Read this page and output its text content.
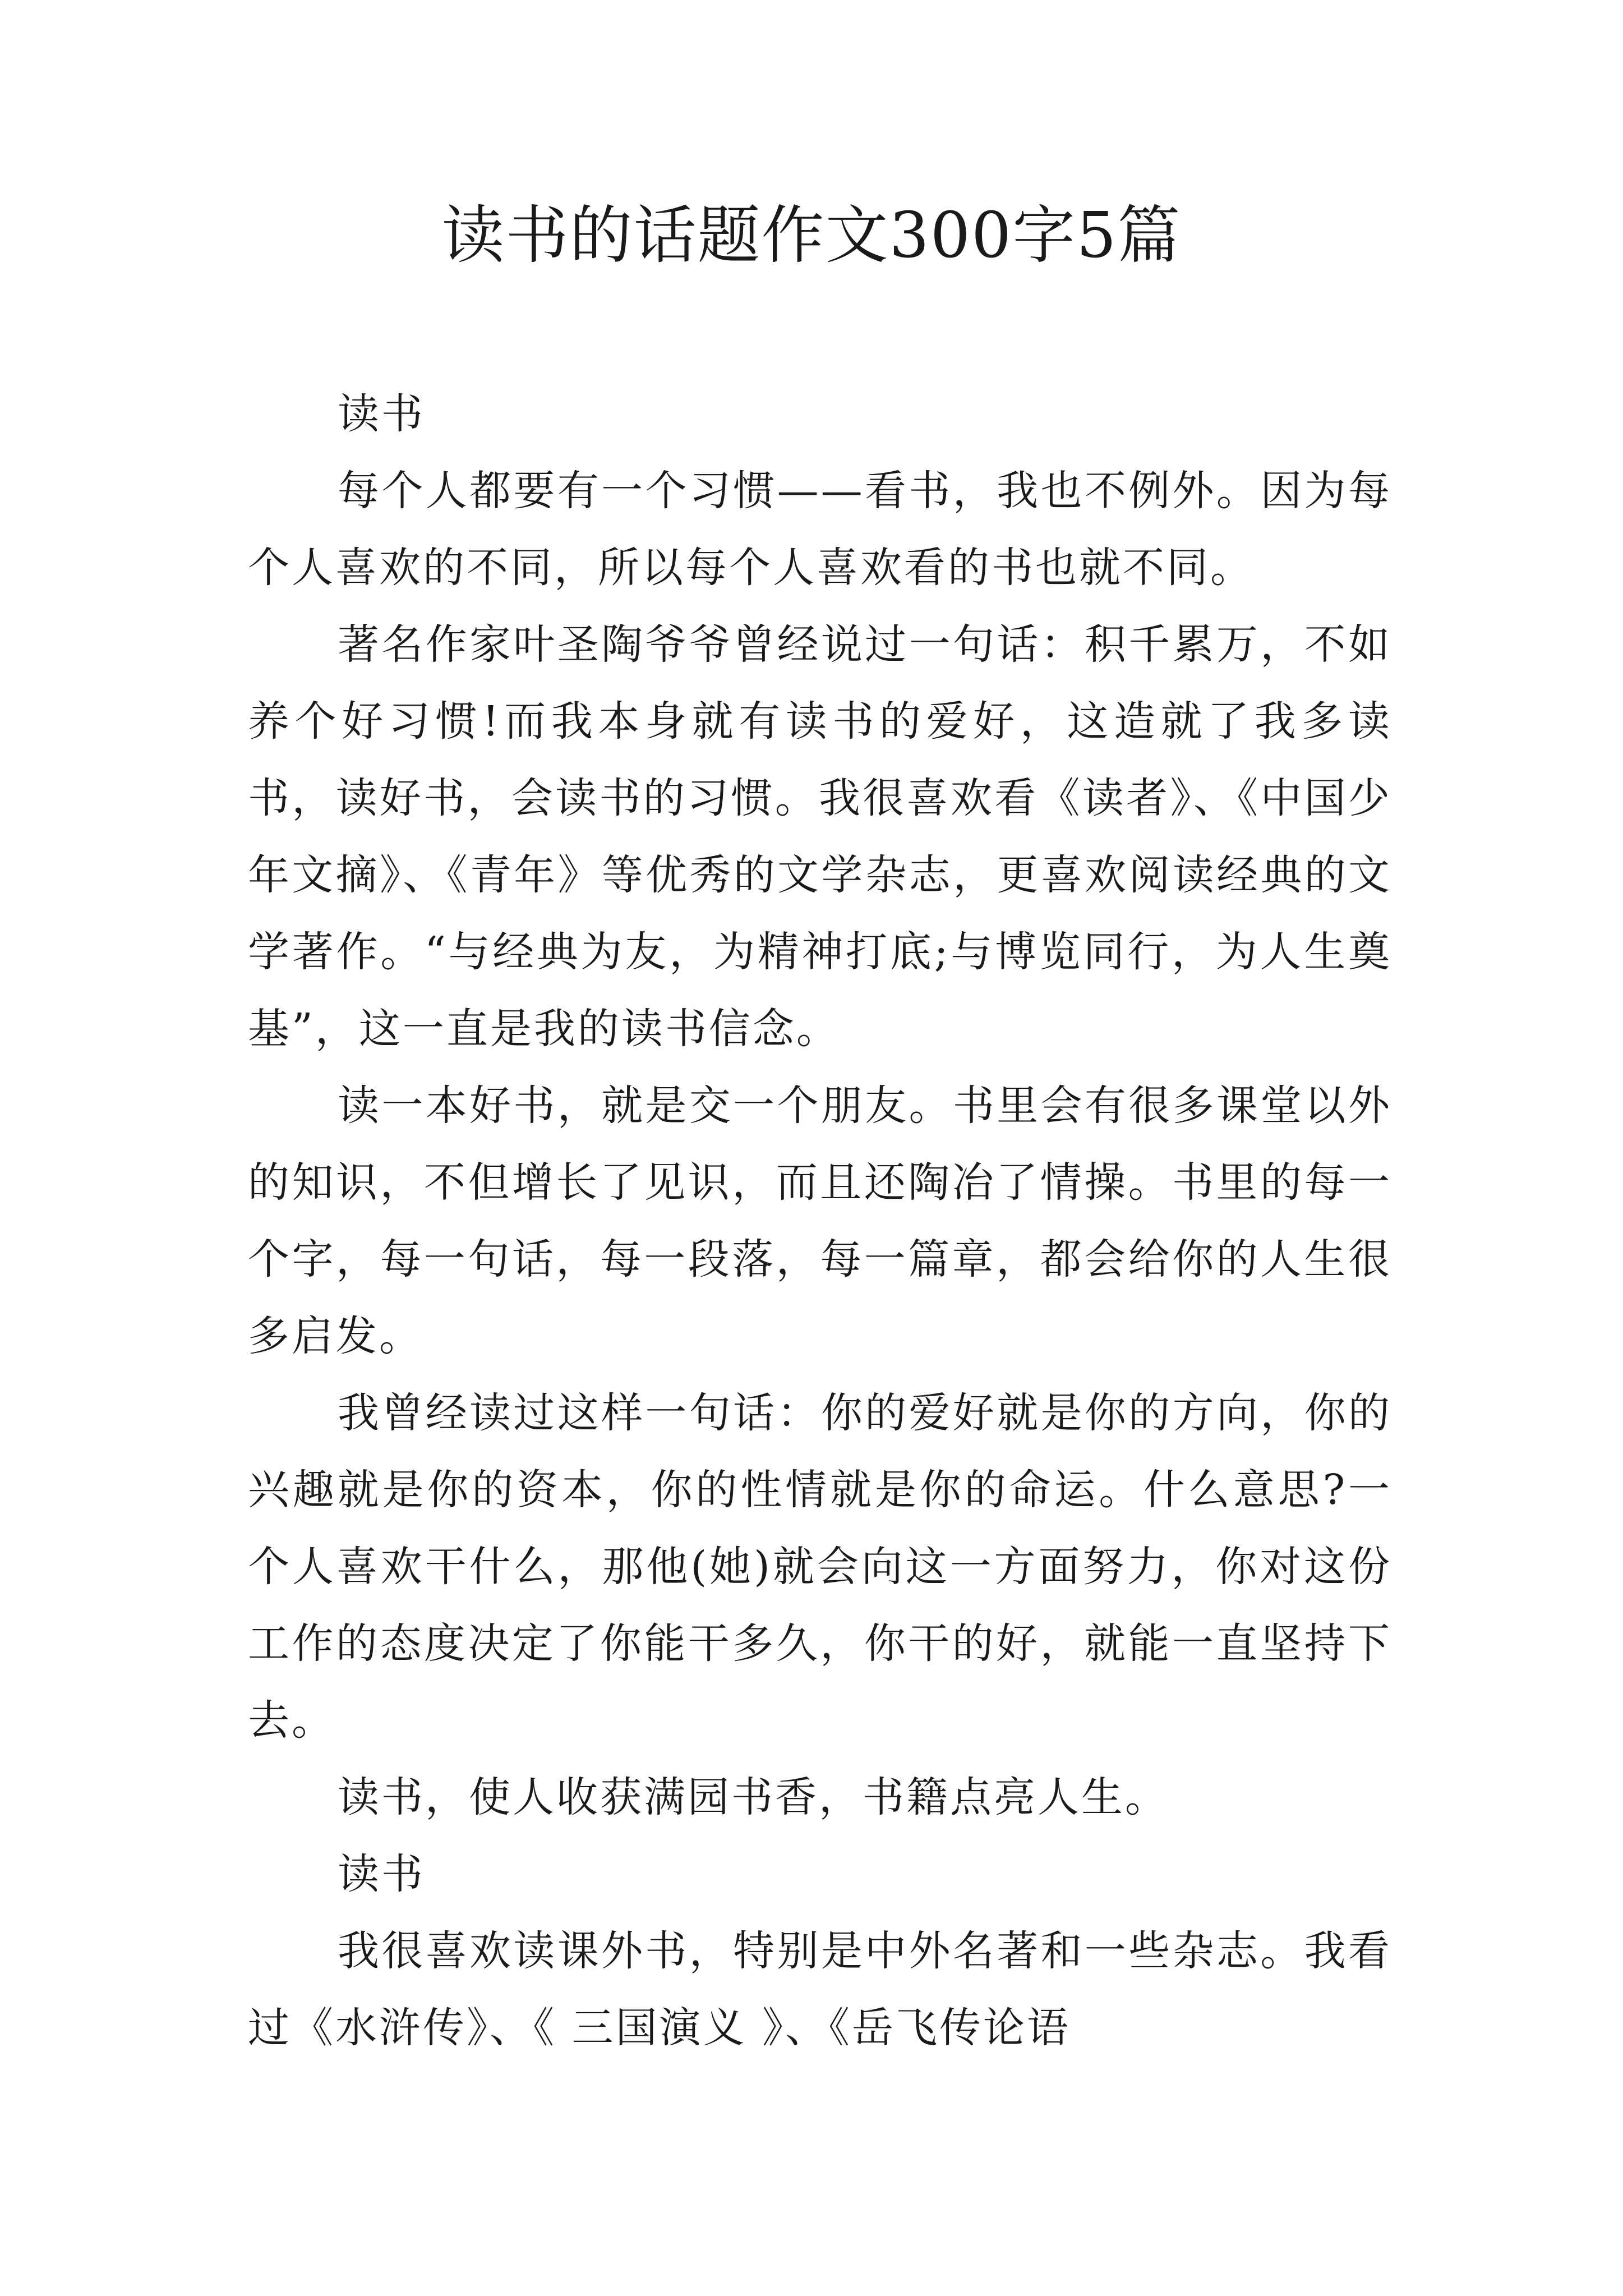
读书的话题作文300字5篇

读书

每个人都要有一个习惯——看书，我也不例外。因为每个人喜欢的不同，所以每个人喜欢看的书也就不同。

著名作家叶圣陶爷爷曾经说过一句话：积千累万，不如养个好习惯!而我本身就有读书的爱好，这造就了我多读书，读好书，会读书的习惯。我很喜欢看《读者》、《中国少年文摘》、《青年》等优秀的文学杂志，更喜欢阅读经典的文学著作。“与经典为友，为精神打底;与博览同行，为人生奠基”，这一直是我的读书信念。

读一本好书，就是交一个朋友。书里会有很多课堂以外的知识，不但增长了见识，而且还陶冶了情操。书里的每一个字，每一句话，每一段落，每一篇章，都会给你的人生很多启发。

我曾经读过这样一句话：你的爱好就是你的方向，你的兴趣就是你的资本，你的性情就是你的命运。什么意思?一个人喜欢干什么，那他(她)就会向这一方面努力，你对这份工作的态度决定了你能干多久，你干的好，就能一直坚持下去。

读书，使人收获满园书香，书籍点亮人生。

读书

我很喜欢读课外书，特别是中外名著和一些杂志。我看过《水浒传》、《 三国演义 》、《岳飞传论语
